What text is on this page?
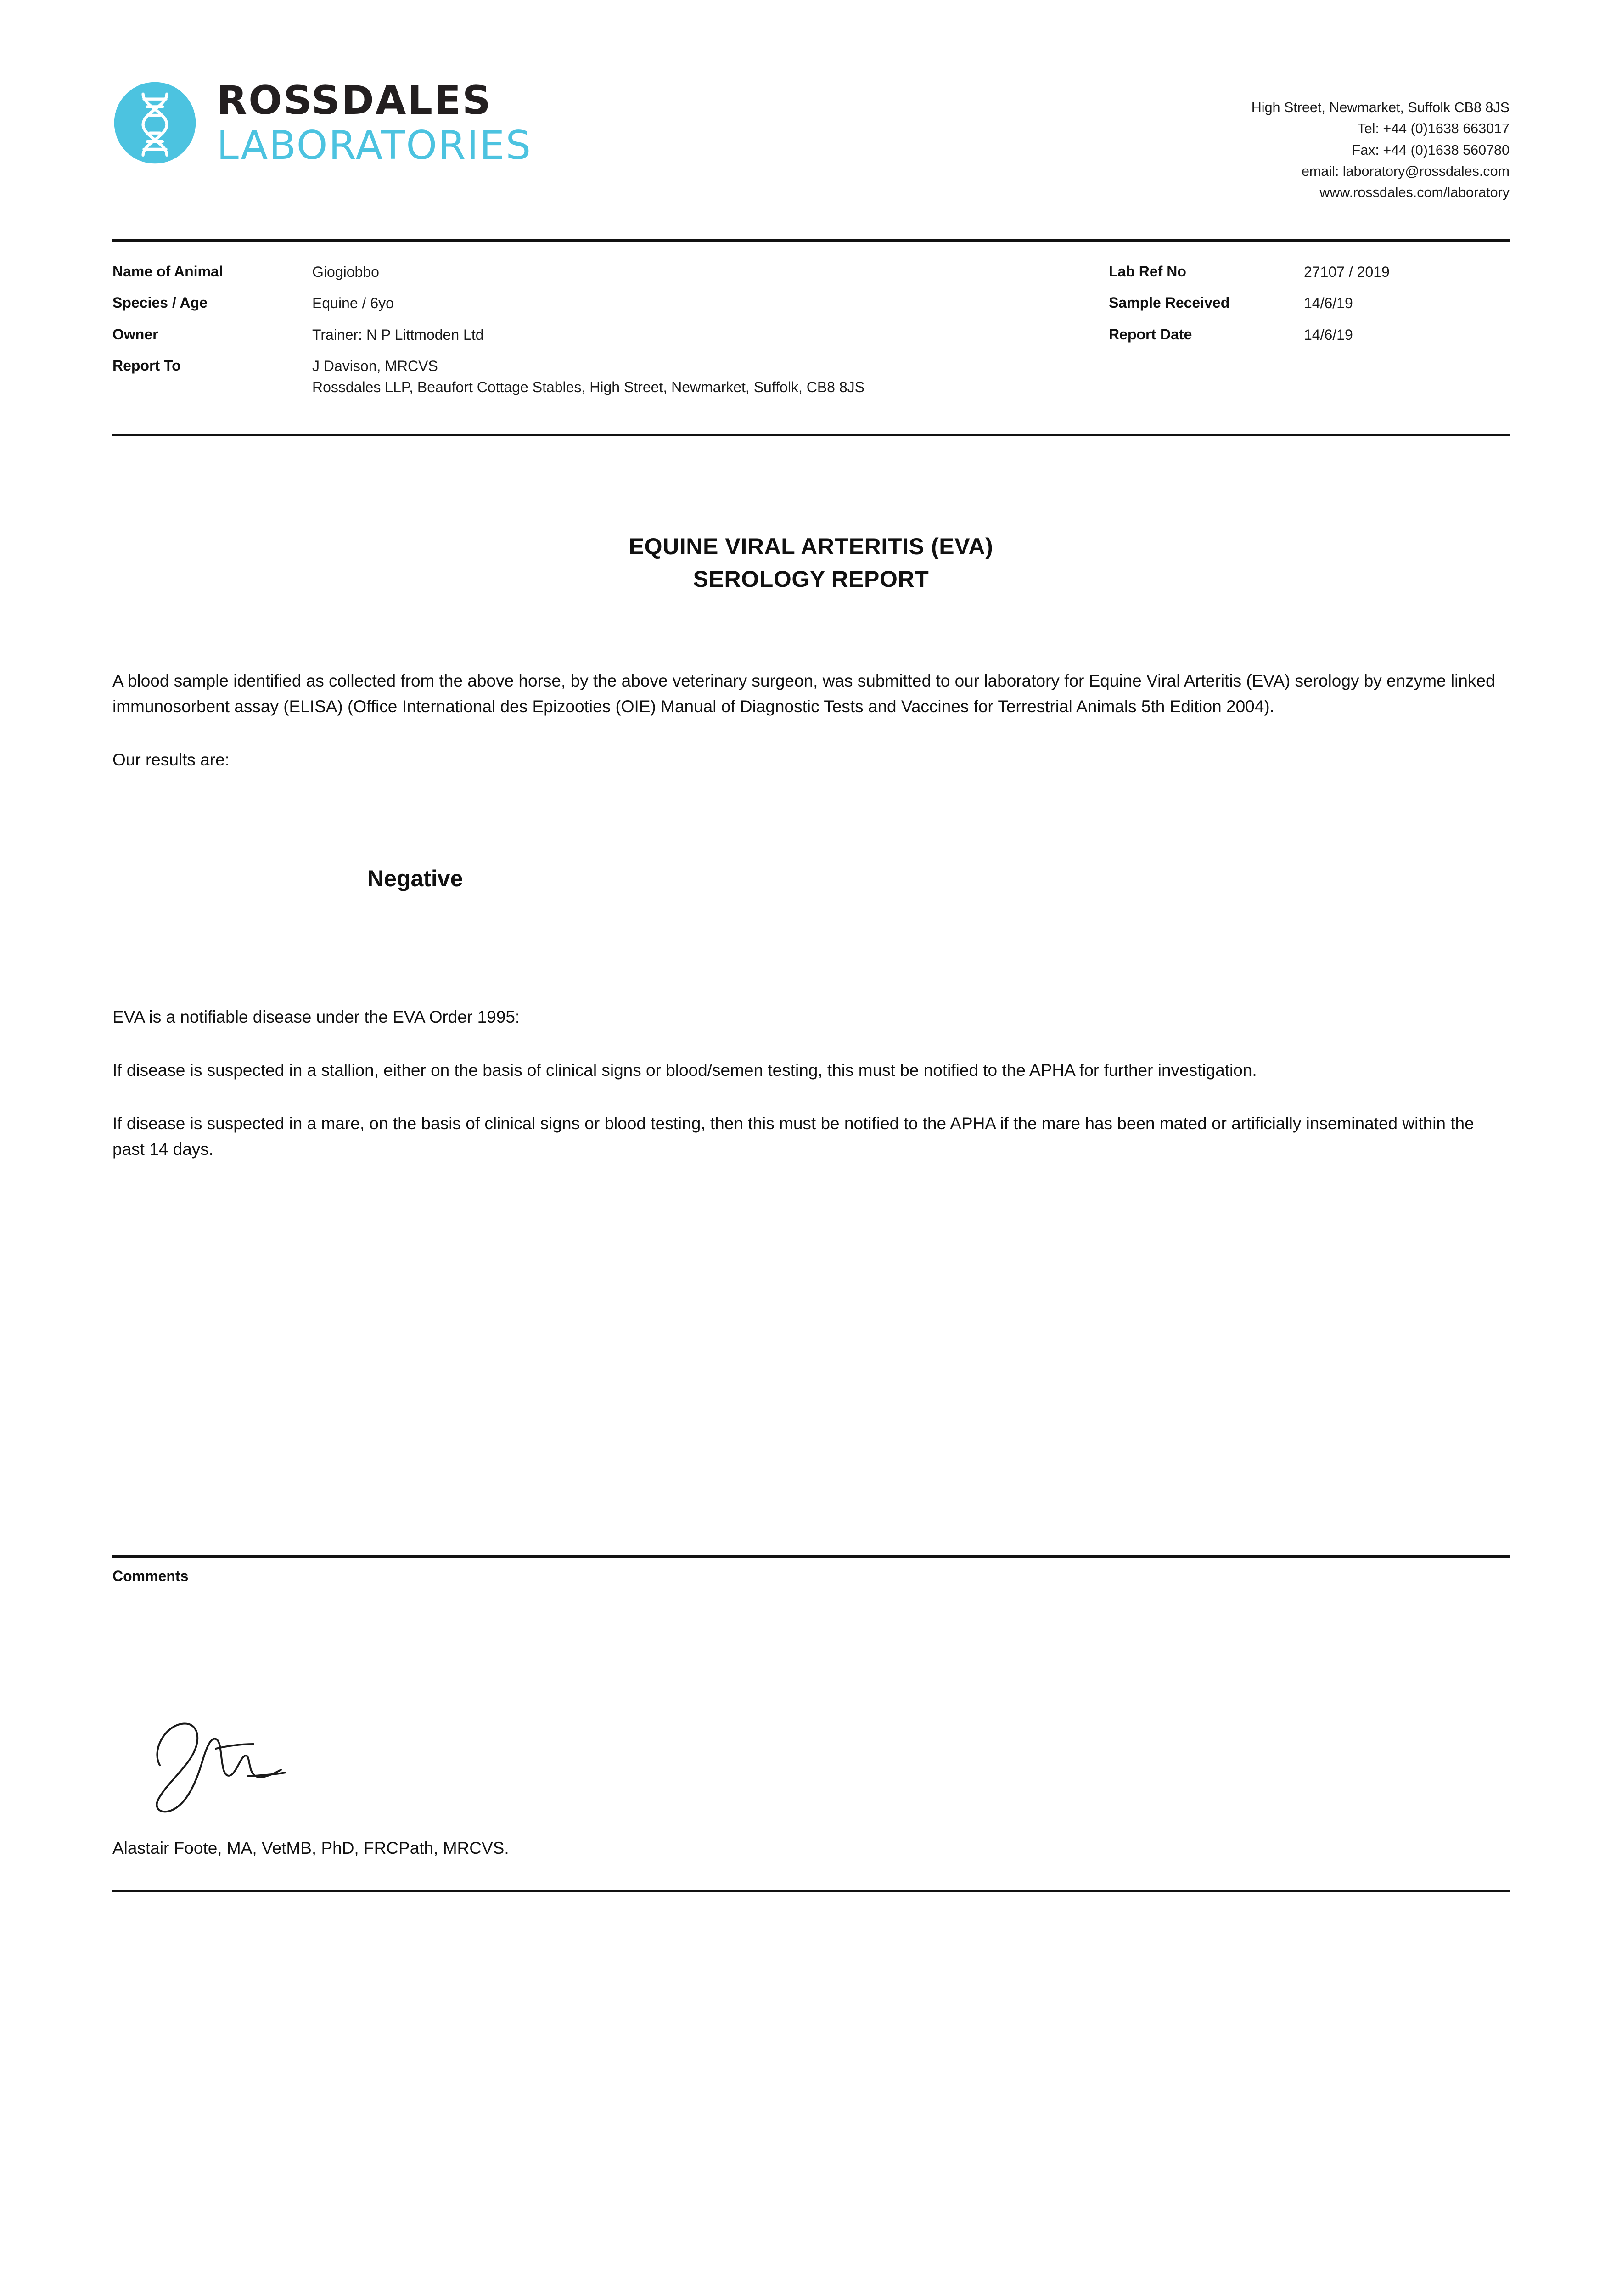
ROSSDALES
LABORATORIES
High Street, Newmarket, Suffolk CB8 8JS
Tel: +44 (0)1638 663017
Fax: +44 (0)1638 560780
email: laboratory@rossdales.com
www.rossdales.com/laboratory
Name of Animal	Giogiobbo
Species / Age	Equine / 6yo
Owner	Trainer: N P Littmoden Ltd
Report To	J Davison, MRCVS
Rossdales LLP, Beaufort Cottage Stables, High Street, Newmarket, Suffolk, CB8 8JS
Lab Ref No	27107 / 2019
Sample Received	14/6/19
Report Date	14/6/19
EQUINE VIRAL ARTERITIS (EVA)
SEROLOGY REPORT

A blood sample identified as collected from the above horse, by the above veterinary surgeon, was submitted to our laboratory for Equine Viral Arteritis (EVA) serology by enzyme linked immunosorbent assay (ELISA) (Office International des Epizooties (OIE) Manual of Diagnostic Tests and Vaccines for Terrestrial Animals 5th Edition 2004).

Our results are:

Negative

EVA is a notifiable disease under the EVA Order 1995:

If disease is suspected in a stallion, either on the basis of clinical signs or blood/semen testing, this must be notified to the APHA for further investigation.

If disease is suspected in a mare, on the basis of clinical signs or blood testing, then this must be notified to the APHA if the mare has been mated or artificially inseminated within the past 14 days.

Comments
Alastair Foote, MA, VetMB, PhD, FRCPath, MRCVS.
